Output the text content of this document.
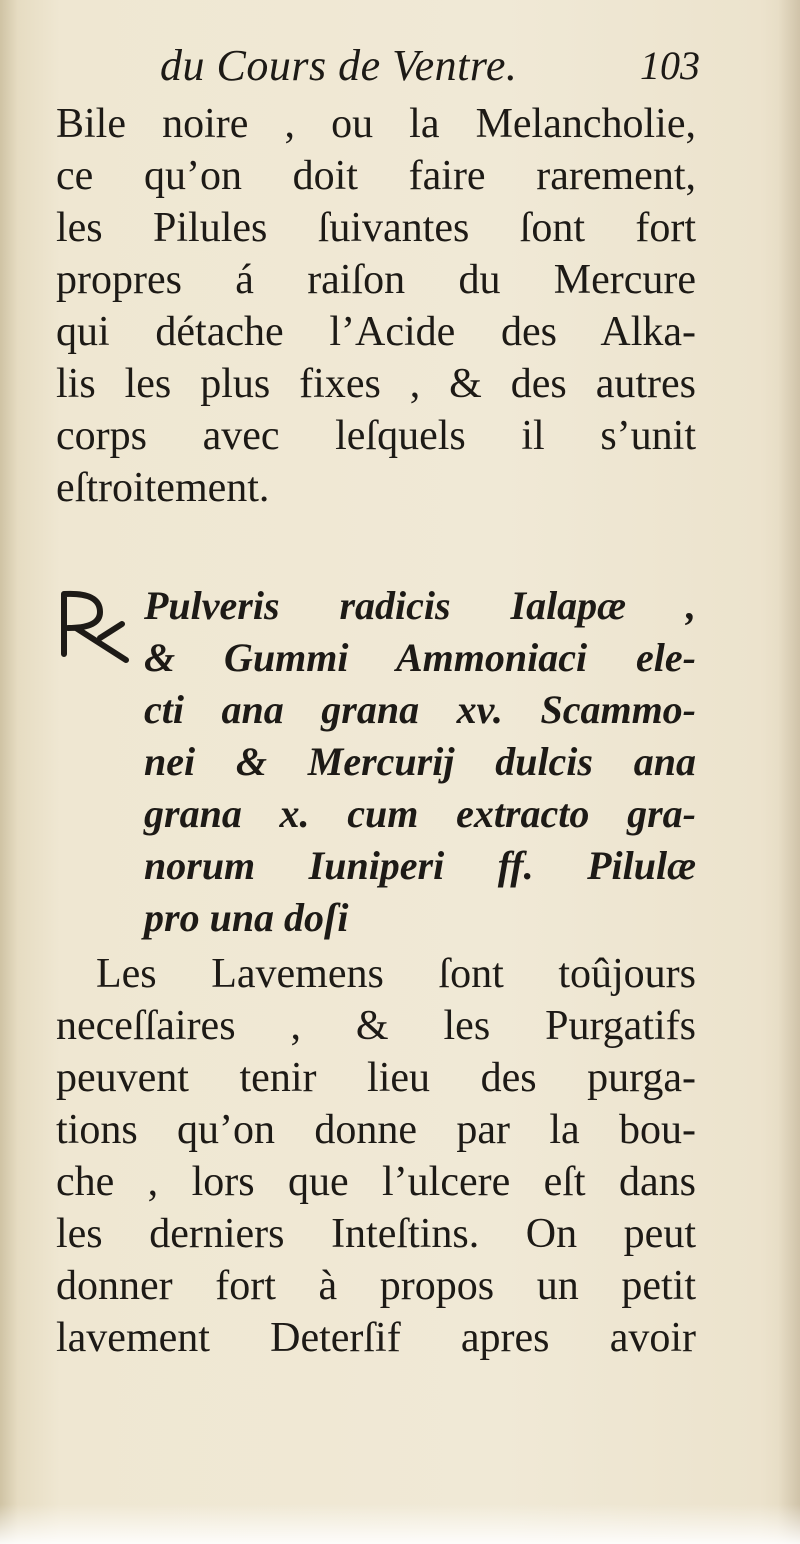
du Cours de Ventre.	103
Bile noire , ou la Melancholie,
ce qu’on doit faire rarement,
les Pilules ſuivantes ſont fort
propres á raiſon du Mercure
qui détache l’Acide des Alka-
lis les plus fixes , & des autres
corps avec leſquels il s’unit
eſtroitement.
Pulveris radicis Ialapæ ,
& Gummi Ammoniaci ele-
cti ana grana xv. Scammo-
nei & Mercurij dulcis ana
grana x. cum extracto gra-
norum Iuniperi ff. Pilulæ
pro una doſi
Les Lavemens ſont toûjours
neceſſaires , & les Purgatifs
peuvent tenir lieu des purga-
tions qu’on donne par la bou-
che , lors que l’ulcere eſt dans
les derniers Inteſtins. On peut
donner fort à propos un petit
lavement Deterſif apres avoir
